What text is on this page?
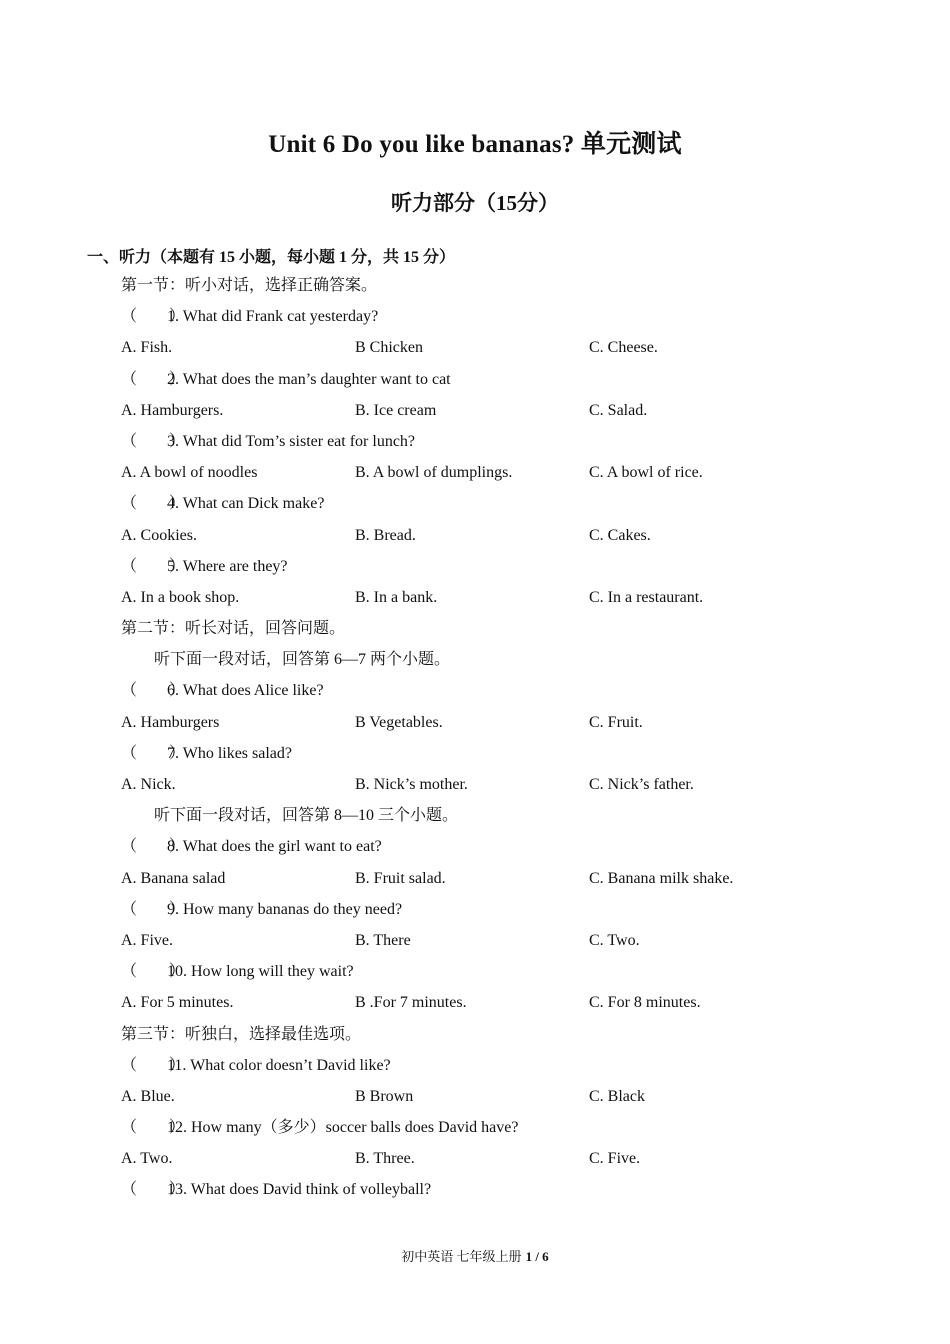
Unit 6 Do you like bananas? 单元测试
听力部分（15分）
一、听力（本题有 15 小题，每小题 1 分，共 15 分）
第一节：听小对话，选择正确答案。
（　　）1. What did Frank cat yesterday?
A. Fish.	B Chicken	C. Cheese.
（　　）2. What does the man’s daughter want to cat
A. Hamburgers.	B. Ice cream	C. Salad.
（　　）3. What did Tom’s sister eat for lunch?
A. A bowl of noodles	B. A bowl of dumplings.	C. A bowl of rice.
（　　）4. What can Dick make?
A. Cookies.	B. Bread.	C. Cakes.
（　　）5. Where are they?
A. In a book shop.	B. In a bank.	C. In a restaurant.
第二节：听长对话，回答问题。
听下面一段对话，回答第 6—7 两个小题。
（　　）6. What does Alice like?
A. Hamburgers	B Vegetables.	C. Fruit.
（　　）7. Who likes salad?
A. Nick.	B. Nick’s mother.	C. Nick’s father.
听下面一段对话，回答第 8—10 三个小题。
（　　）8. What does the girl want to eat?
A. Banana salad	B. Fruit salad.	C. Banana milk shake.
（　　）9. How many bananas do they need?
A. Five.	B. There	C. Two.
（　　）10. How long will they wait?
A. For 5 minutes.	B .For 7 minutes.	C. For 8 minutes.
第三节：听独白，选择最佳选项。
（　　）11. What color doesn’t David like?
A. Blue.	B Brown	C. Black
（　　）12. How many（多少）soccer balls does David have?
A. Two.	B. Three.	C. Five.
（　　）13. What does David think of volleyball?
初中英语 七年级上册 1 / 6
